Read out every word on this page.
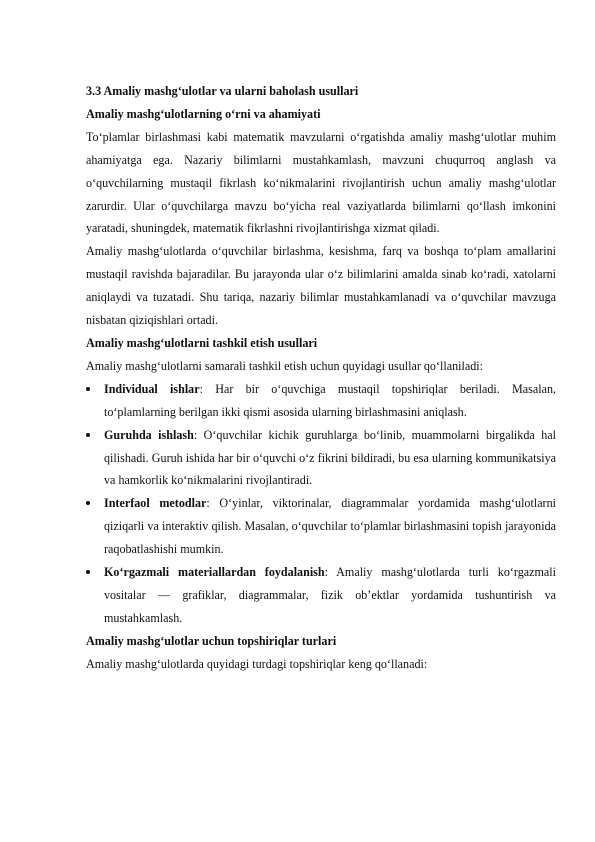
3.3 Amaliy mashg‘ulotlar va ularni baholash usullari

Amaliy mashg‘ulotlarning o‘rni va ahamiyati

To‘plamlar birlashmasi kabi matematik mavzularni o‘rgatishda amaliy mashg‘ulotlar muhim ahamiyatga ega. Nazariy bilimlarni mustahkamlash, mavzuni chuqurroq anglash va o‘quvchilarning mustaqil fikrlash ko‘nikmalarini rivojlantirish uchun amaliy mashg‘ulotlar zarurdir. Ular o‘quvchilarga mavzu bo‘yicha real vaziyatlarda bilimlarni qo‘llash imkonini yaratadi, shuningdek, matematik fikrlashni rivojlantirishga xizmat qiladi.

Amaliy mashg‘ulotlarda o‘quvchilar birlashma, kesishma, farq va boshqa to‘plam amallarini mustaqil ravishda bajaradilar. Bu jarayonda ular o‘z bilimlarini amalda sinab ko‘radi, xatolarni aniqlaydi va tuzatadi. Shu tariqa, nazariy bilimlar mustahkamlanadi va o‘quvchilar mavzuga nisbatan qiziqishlari ortadi.

Amaliy mashg‘ulotlarni tashkil etish usullari

Amaliy mashg‘ulotlarni samarali tashkil etish uchun quyidagi usullar qo‘llaniladi:

Individual ishlar: Har bir o‘quvchiga mustaqil topshiriqlar beriladi. Masalan, to‘plamlarning berilgan ikki qismi asosida ularning birlashmasini aniqlash.
Guruhda ishlash: O‘quvchilar kichik guruhlarga bo‘linib, muammolarni birgalikda hal qilishadi. Guruh ishida har bir o‘quvchi o‘z fikrini bildiradi, bu esa ularning kommunikatsiya va hamkorlik ko‘nikmalarini rivojlantiradi.
Interfaol metodlar: O‘yinlar, viktorinalar, diagrammalar yordamida mashg‘ulotlarni qiziqarli va interaktiv qilish. Masalan, o‘quvchilar to‘plamlar birlashmasini topish jarayonida raqobatlashishi mumkin.
Ko‘rgazmali materiallardan foydalanish: Amaliy mashg‘ulotlarda turli ko‘rgazmali vositalar — grafiklar, diagrammalar, fizik ob’ektlar yordamida tushuntirish va mustahkamlash.

Amaliy mashg‘ulotlar uchun topshiriqlar turlari

Amaliy mashg‘ulotlarda quyidagi turdagi topshiriqlar keng qo‘llanadi:
